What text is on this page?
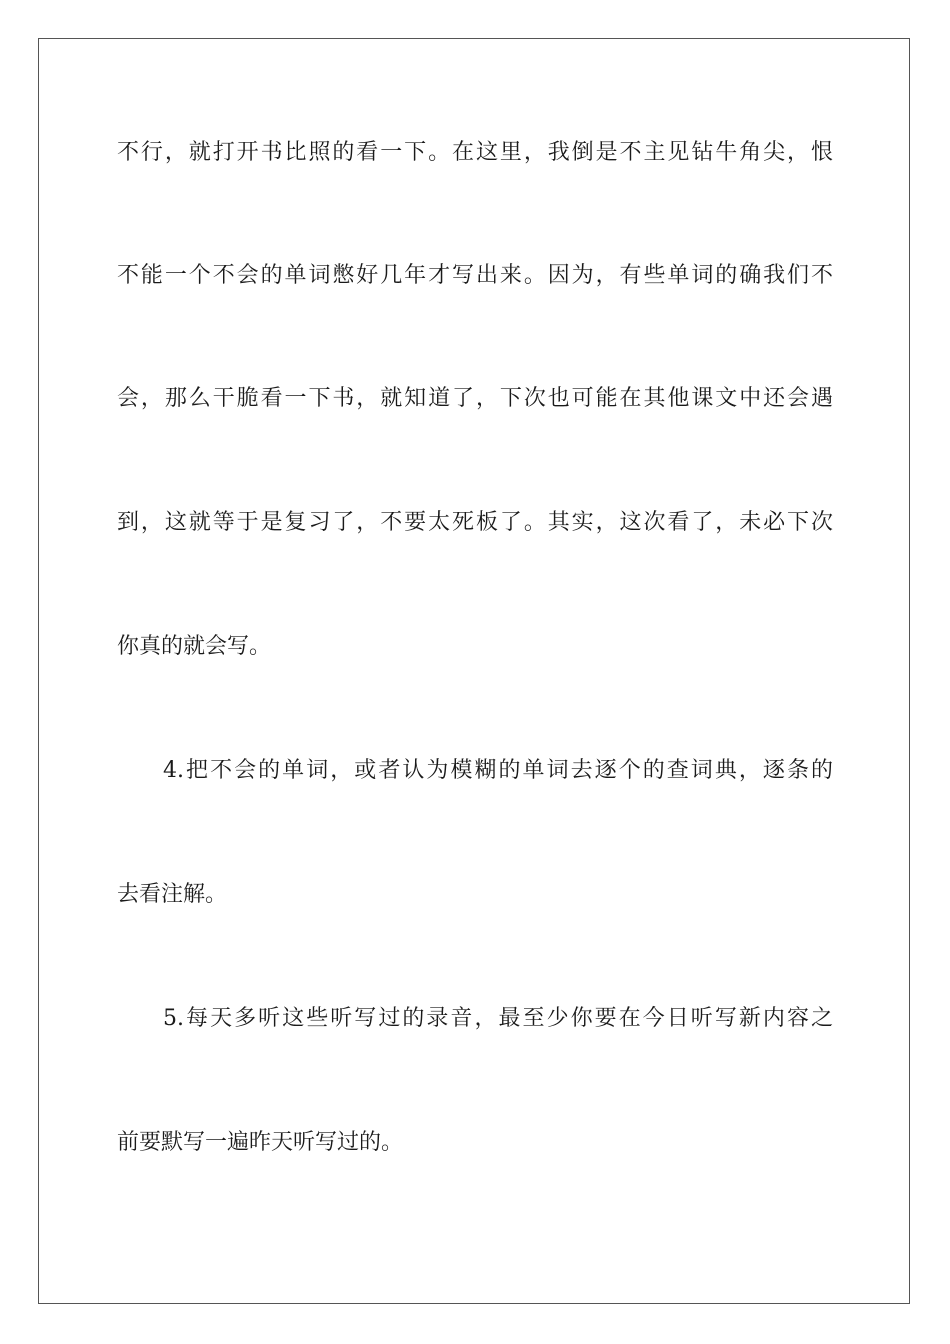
不行，就打开书比照的看一下。在这里，我倒是不主见钻牛角尖，恨
不能一个不会的单词憋好几年才写出来。因为，有些单词的确我们不
会，那么干脆看一下书，就知道了，下次也可能在其他课文中还会遇
到，这就等于是复习了，不要太死板了。其实，这次看了，未必下次
你真的就会写。
4.把不会的单词，或者认为模糊的单词去逐个的查词典，逐条的
去看注解。
5.每天多听这些听写过的录音，最至少你要在今日听写新内容之
前要默写一遍昨天听写过的。
